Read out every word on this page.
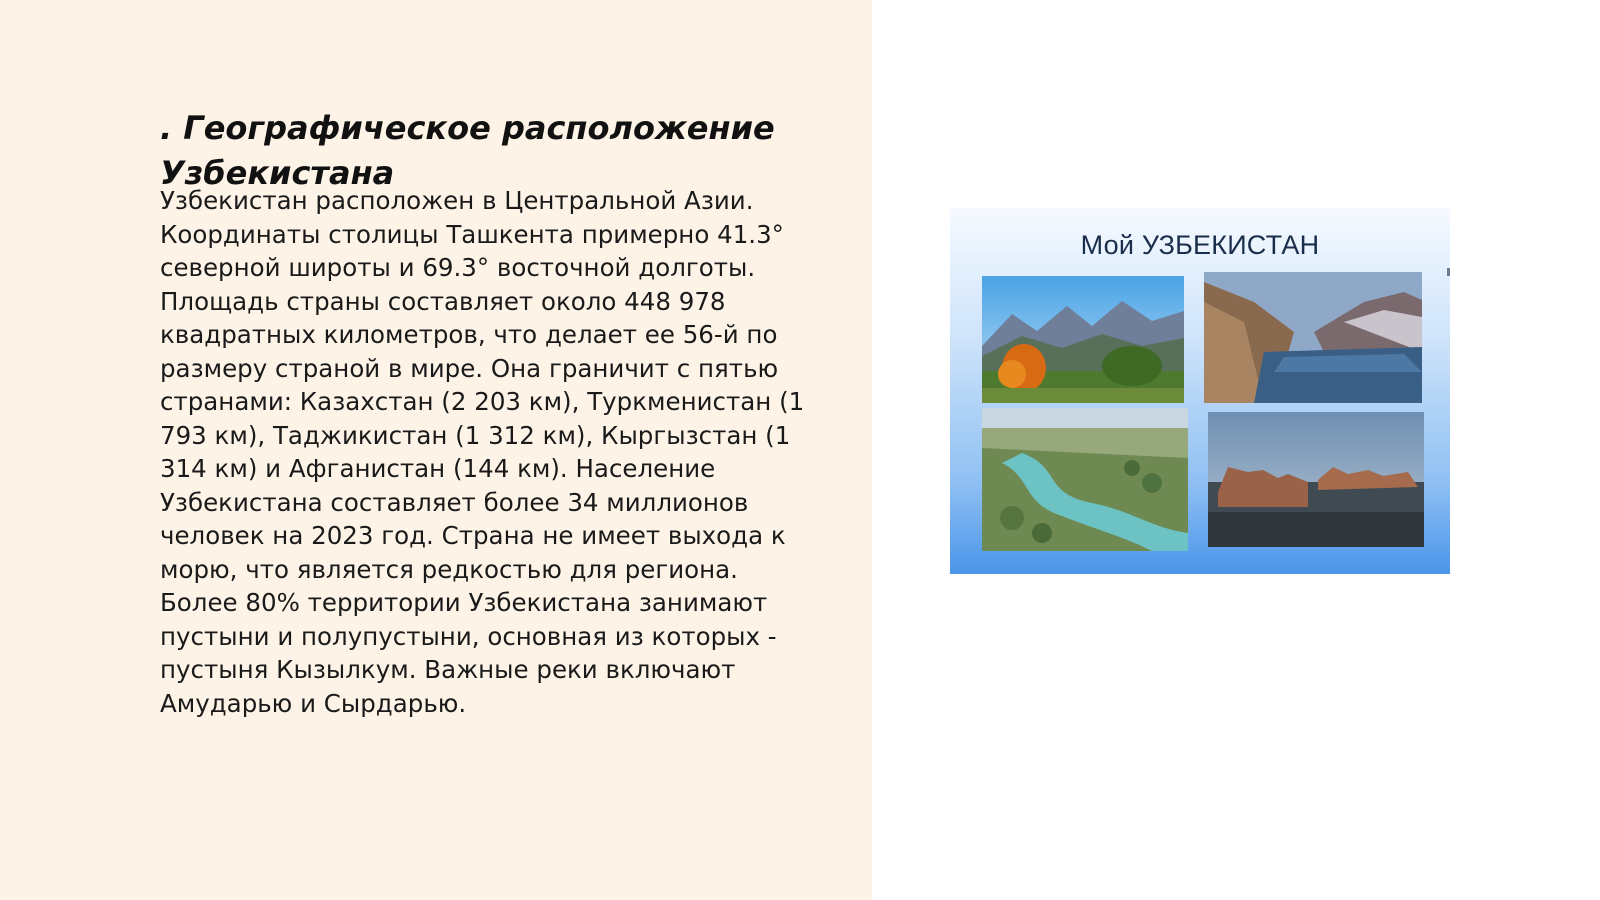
. Географическое расположение Узбекистана

Узбекистан расположен в Центральной Азии. Координаты столицы Ташкента примерно 41.3° северной широты и 69.3° восточной долготы. Площадь страны составляет около 448 978 квадратных километров, что делает ее 56-й по размеру страной в мире. Она граничит с пятью странами: Казахстан (2 203 км), Туркменистан (1 793 км), Таджикистан (1 312 км), Кыргызстан (1 314 км) и Афганистан (144 км). Население Узбекистана составляет более 34 миллионов человек на 2023 год. Страна не имеет выхода к морю, что является редкостью для региона. Более 80% территории Узбекистана занимают пустыни и полупустыни, основная из которых - пустыня Кызылкум. Важные реки включают Амударью и Сырдарью.

Мой УЗБЕКИСТАН
